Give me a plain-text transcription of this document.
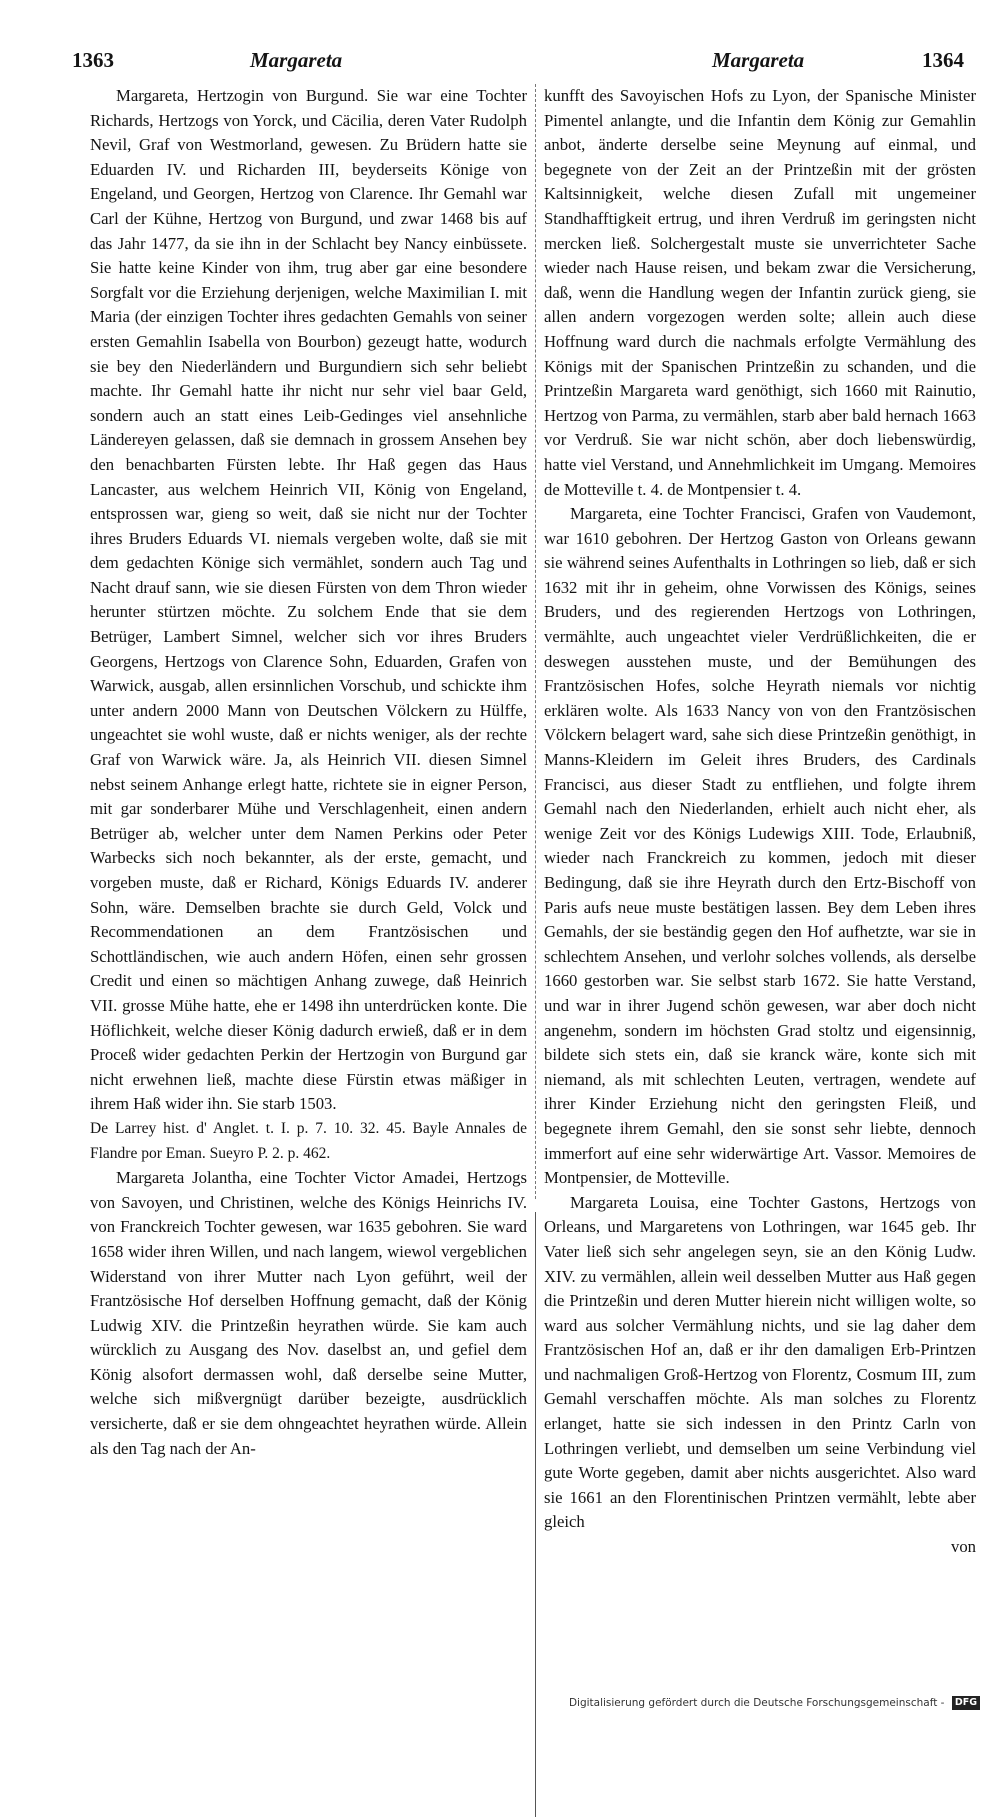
1363	Margareta	Margareta	1364

Margareta, Hertzogin von Burgund. Sie war eine Tochter Richards, Hertzogs von Yorck, und Cäcilia, deren Vater Rudolph Nevil, Graf von Westmorland, gewesen. Zu Brüdern hatte sie Eduarden IV. und Richarden III, beyderseits Könige von Engeland, und Georgen, Hertzog von Clarence. Ihr Gemahl war Carl der Kühne, Hertzog von Burgund, und zwar 1468 bis auf das Jahr 1477, da sie ihn in der Schlacht bey Nancy einbüssete. Sie hatte keine Kinder von ihm, trug aber gar eine besondere Sorgfalt vor die Erziehung derjenigen, welche Maximilian I. mit Maria (der einzigen Tochter ihres gedachten Gemahls von seiner ersten Gemahlin Isabella von Bourbon) gezeugt hatte, wodurch sie bey den Niederländern und Burgundiern sich sehr beliebt machte. Ihr Gemahl hatte ihr nicht nur sehr viel baar Geld, sondern auch an statt eines Leib-Gedinges viel ansehnliche Ländereyen gelassen, daß sie demnach in grossem Ansehen bey den benachbarten Fürsten lebte. Ihr Haß gegen das Haus Lancaster, aus welchem Heinrich VII, König von Engeland, entsprossen war, gieng so weit, daß sie nicht nur der Tochter ihres Bruders Eduards VI. niemals vergeben wolte, daß sie mit dem gedachten Könige sich vermählet, sondern auch Tag und Nacht drauf sann, wie sie diesen Fürsten von dem Thron wieder herunter stürtzen möchte. Zu solchem Ende that sie dem Betrüger, Lambert Simnel, welcher sich vor ihres Bruders Georgens, Hertzogs von Clarence Sohn, Eduarden, Grafen von Warwick, ausgab, allen ersinnlichen Vorschub, und schickte ihm unter andern 2000 Mann von Deutschen Völckern zu Hülffe, ungeachtet sie wohl wuste, daß er nichts weniger, als der rechte Graf von Warwick wäre. Ja, als Heinrich VII. diesen Simnel nebst seinem Anhange erlegt hatte, richtete sie in eigner Person, mit gar sonderbarer Mühe und Verschlagenheit, einen andern Betrüger ab, welcher unter dem Namen Perkins oder Peter Warbecks sich noch bekannter, als der erste, gemacht, und vorgeben muste, daß er Richard, Königs Eduards IV. anderer Sohn, wäre. Demselben brachte sie durch Geld, Volck und Recommendationen an dem Frantzösischen und Schottländischen, wie auch andern Höfen, einen sehr grossen Credit und einen so mächtigen Anhang zuwege, daß Heinrich VII. grosse Mühe hatte, ehe er 1498 ihn unterdrücken konte. Die Höflichkeit, welche dieser König dadurch erwieß, daß er in dem Proceß wider gedachten Perkin der Hertzogin von Burgund gar nicht erwehnen ließ, machte diese Fürstin etwas mäßiger in ihrem Haß wider ihn. Sie starb 1503.

De Larrey hist. d' Anglet. t. I. p. 7. 10. 32. 45. Bayle Annales de Flandre por Eman. Sueyro P. 2. p. 462.

Margareta Jolantha, eine Tochter Victor Amadei, Hertzogs von Savoyen, und Christinen, welche des Königs Heinrichs IV. von Franckreich Tochter gewesen, war 1635 gebohren. Sie ward 1658 wider ihren Willen, und nach langem, wiewol vergeblichen Widerstand von ihrer Mutter nach Lyon geführt, weil der Frantzösische Hof derselben Hoffnung gemacht, daß der König Ludwig XIV. die Printzeßin heyrathen würde. Sie kam auch würcklich zu Ausgang des Nov. daselbst an, und gefiel dem König alsofort dermassen wohl, daß derselbe seine Mutter, welche sich mißvergnügt darüber bezeigte, ausdrücklich versicherte, daß er sie dem ohngeachtet heyrathen würde. Allein als den Tag nach der An-

kunfft des Savoyischen Hofs zu Lyon, der Spanische Minister Pimentel anlangte, und die Infantin dem König zur Gemahlin anbot, änderte derselbe seine Meynung auf einmal, und begegnete von der Zeit an der Printzeßin mit der grösten Kaltsinnigkeit, welche diesen Zufall mit ungemeiner Standhafftigkeit ertrug, und ihren Verdruß im geringsten nicht mercken ließ. Solchergestalt muste sie unverrichteter Sache wieder nach Hause reisen, und bekam zwar die Versicherung, daß, wenn die Handlung wegen der Infantin zurück gieng, sie allen andern vorgezogen werden solte; allein auch diese Hoffnung ward durch die nachmals erfolgte Vermählung des Königs mit der Spanischen Printzeßin zu schanden, und die Printzeßin Margareta ward genöthigt, sich 1660 mit Rainutio, Hertzog von Parma, zu vermählen, starb aber bald hernach 1663 vor Verdruß. Sie war nicht schön, aber doch liebenswürdig, hatte viel Verstand, und Annehmlichkeit im Umgang. Memoires de Motteville t. 4. de Montpensier t. 4.

Margareta, eine Tochter Francisci, Grafen von Vaudemont, war 1610 gebohren. Der Hertzog Gaston von Orleans gewann sie während seines Aufenthalts in Lothringen so lieb, daß er sich 1632 mit ihr in geheim, ohne Vorwissen des Königs, seines Bruders, und des regierenden Hertzogs von Lothringen, vermählte, auch ungeachtet vieler Verdrüßlichkeiten, die er deswegen ausstehen muste, und der Bemühungen des Frantzösischen Hofes, solche Heyrath niemals vor nichtig erklären wolte. Als 1633 Nancy von von den Frantzösischen Völckern belagert ward, sahe sich diese Printzeßin genöthigt, in Manns-Kleidern im Geleit ihres Bruders, des Cardinals Francisci, aus dieser Stadt zu entfliehen, und folgte ihrem Gemahl nach den Niederlanden, erhielt auch nicht eher, als wenige Zeit vor des Königs Ludewigs XIII. Tode, Erlaubniß, wieder nach Franckreich zu kommen, jedoch mit dieser Bedingung, daß sie ihre Heyrath durch den Ertz-Bischoff von Paris aufs neue muste bestätigen lassen. Bey dem Leben ihres Gemahls, der sie beständig gegen den Hof aufhetzte, war sie in schlechtem Ansehen, und verlohr solches vollends, als derselbe 1660 gestorben war. Sie selbst starb 1672. Sie hatte Verstand, und war in ihrer Jugend schön gewesen, war aber doch nicht angenehm, sondern im höchsten Grad stoltz und eigensinnig, bildete sich stets ein, daß sie kranck wäre, konte sich mit niemand, als mit schlechten Leuten, vertragen, wendete auf ihrer Kinder Erziehung nicht den geringsten Fleiß, und begegnete ihrem Gemahl, den sie sonst sehr liebte, dennoch immerfort auf eine sehr widerwärtige Art. Vassor. Memoires de Montpensier, de Motteville.

Margareta Louisa, eine Tochter Gastons, Hertzogs von Orleans, und Margaretens von Lothringen, war 1645 geb. Ihr Vater ließ sich sehr angelegen seyn, sie an den König Ludw. XIV. zu vermählen, allein weil desselben Mutter aus Haß gegen die Printzeßin und deren Mutter hierein nicht willigen wolte, so ward aus solcher Vermählung nichts, und sie lag daher dem Frantzösischen Hof an, daß er ihr den damaligen Erb-Printzen und nachmaligen Groß-Hertzog von Florentz, Cosmum III, zum Gemahl verschaffen möchte. Als man solches zu Florentz erlanget, hatte sie sich indessen in den Printz Carln von Lothringen verliebt, und demselben um seine Verbindung viel gute Worte gegeben, damit aber nichts ausgerichtet. Also ward sie 1661 an den Florentinischen Printzen vermählt, lebte aber gleich

von

Digitalisierung gefördert durch die Deutsche Forschungsgemeinschaft - DFG
